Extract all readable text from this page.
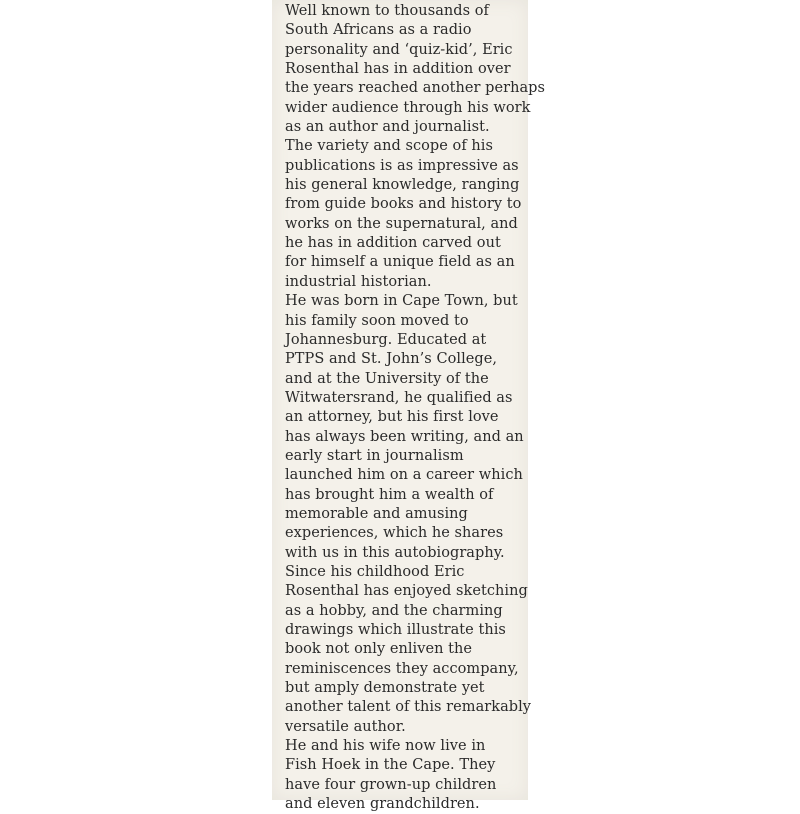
Well known to thousands of
South Africans as a radio
personality and ‘quiz-kid’, Eric
Rosenthal has in addition over
the years reached another perhaps
wider audience through his work
as an author and journalist.
The variety and scope of his
publications is as impressive as
his general knowledge, ranging
from guide books and history to
works on the supernatural, and
he has in addition carved out
for himself a unique field as an
industrial historian.
He was born in Cape Town, but
his family soon moved to
Johannesburg. Educated at
PTPS and St. John’s College,
and at the University of the
Witwatersrand, he qualified as
an attorney, but his first love
has always been writing, and an
early start in journalism
launched him on a career which
has brought him a wealth of
memorable and amusing
experiences, which he shares
with us in this autobiography.
Since his childhood Eric
Rosenthal has enjoyed sketching
as a hobby, and the charming
drawings which illustrate this
book not only enliven the
reminiscences they accompany,
but amply demonstrate yet
another talent of this remarkably
versatile author.
He and his wife now live in
Fish Hoek in the Cape. They
have four grown-up children
and eleven grandchildren.
